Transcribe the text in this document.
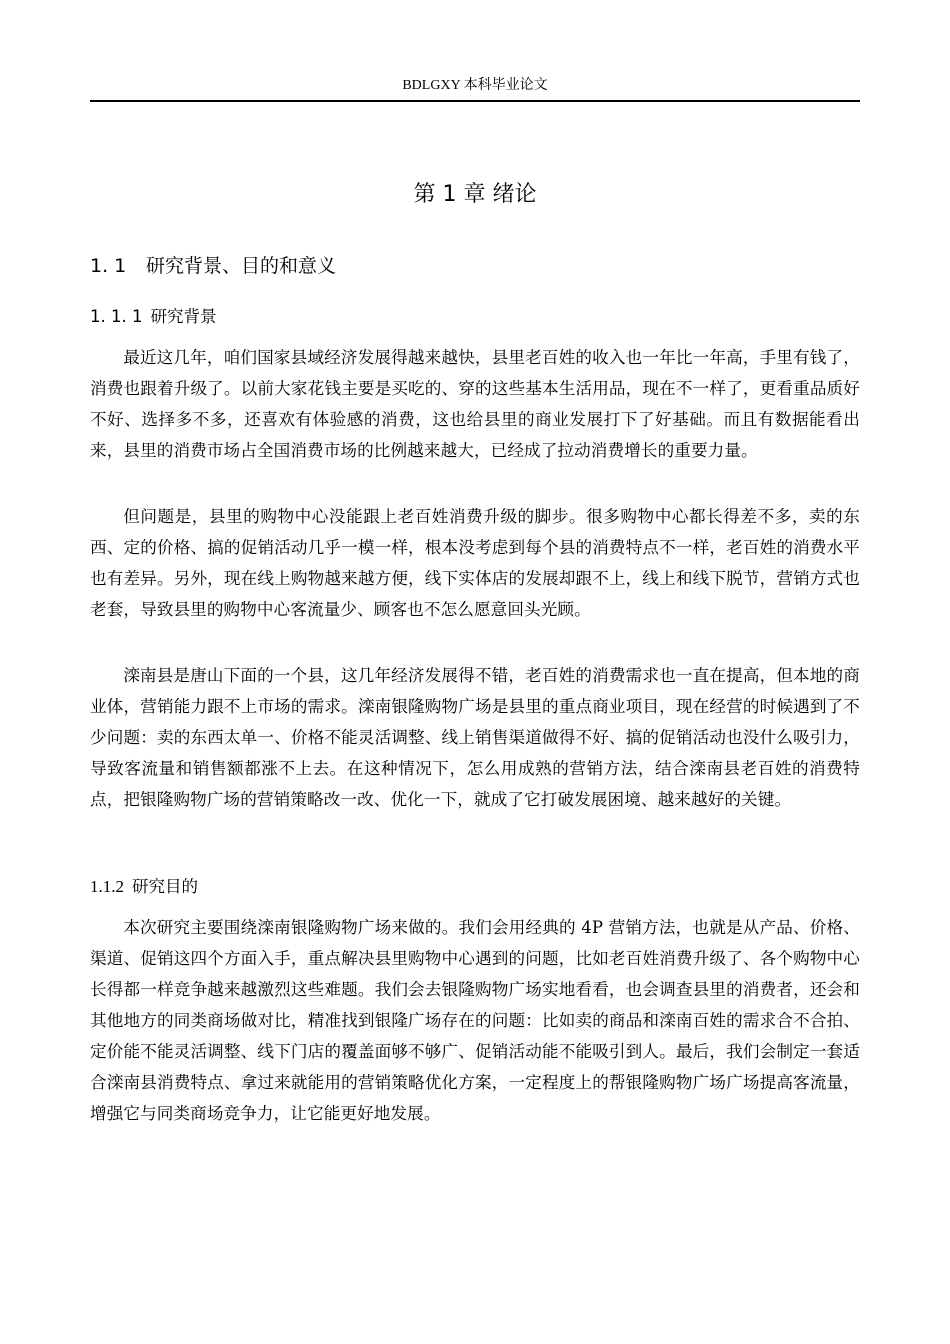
BDLGXY 本科毕业论文
第 1 章 绪论
1. 1 研究背景、目的和意义
1. 1. 1 研究背景

最近这几年，咱们国家县域经济发展得越来越快，县里老百姓的收入也一年比一年高，手里有钱了，消费也跟着升级了。以前大家花钱主要是买吃的、穿的这些基本生活用品，现在不一样了，更看重品质好不好、选择多不多，还喜欢有体验感的消费，这也给县里的商业发展打下了好基础。而且有数据能看出来，县里的消费市场占全国消费市场的比例越来越大，已经成了拉动消费增长的重要力量。

但问题是，县里的购物中心没能跟上老百姓消费升级的脚步。很多购物中心都长得差不多，卖的东西、定的价格、搞的促销活动几乎一模一样，根本没考虑到每个县的消费特点不一样，老百姓的消费水平也有差异。另外，现在线上购物越来越方便，线下实体店的发展却跟不上，线上和线下脱节，营销方式也老套，导致县里的购物中心客流量少、顾客也不怎么愿意回头光顾。

滦南县是唐山下面的一个县，这几年经济发展得不错，老百姓的消费需求也一直在提高，但本地的商业体，营销能力跟不上市场的需求。滦南银隆购物广场是县里的重点商业项目，现在经营的时候遇到了不少问题：卖的东西太单一、价格不能灵活调整、线上销售渠道做得不好、搞的促销活动也没什么吸引力，导致客流量和销售额都涨不上去。在这种情况下，怎么用成熟的营销方法，结合滦南县老百姓的消费特点，把银隆购物广场的营销策略改一改、优化一下，就成了它打破发展困境、越来越好的关键。

1.1.2 研究目的

本次研究主要围绕滦南银隆购物广场来做的。我们会用经典的 4P 营销方法，也就是从产品、价格、渠道、促销这四个方面入手，重点解决县里购物中心遇到的问题，比如老百姓消费升级了、各个购物中心长得都一样竞争越来越激烈这些难题。我们会去银隆购物广场实地看看，也会调查县里的消费者，还会和其他地方的同类商场做对比，精准找到银隆广场存在的问题：比如卖的商品和滦南百姓的需求合不合拍、定价能不能灵活调整、线下门店的覆盖面够不够广、促销活动能不能吸引到人。最后，我们会制定一套适合滦南县消费特点、拿过来就能用的营销策略优化方案，一定程度上的帮银隆购物广场广场提高客流量，增强它与同类商场竞争力，让它能更好地发展。
